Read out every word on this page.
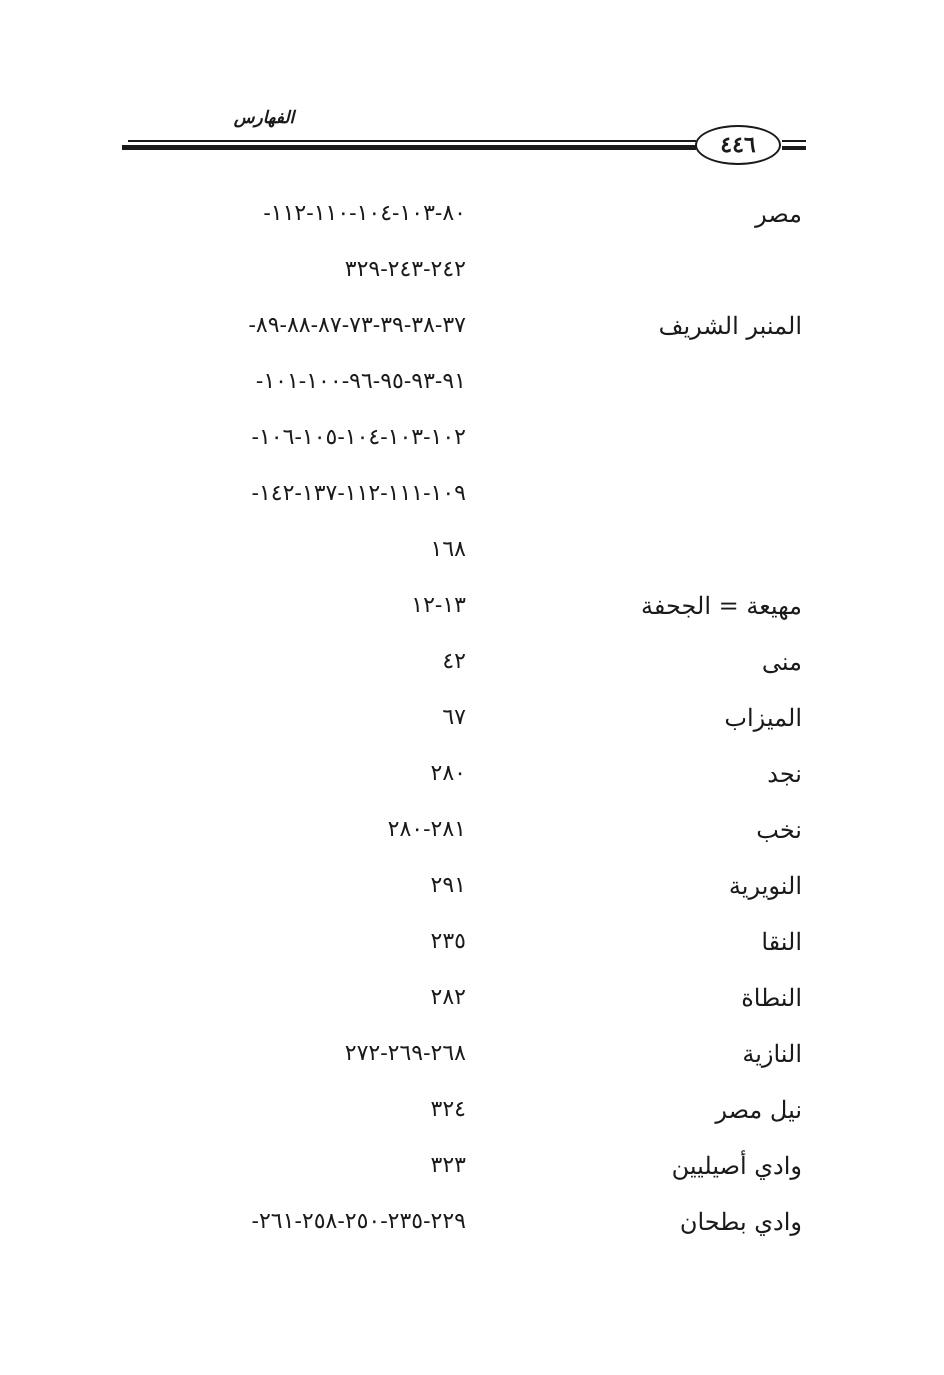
الفهارس
٤٤٦
مصر
-٨٠-١٠٣-١٠٤-١١٠-١١٢
٢٤٢-٢٤٣-٣٢٩
المنبر الشريف
-٣٧-٣٨-٣٩-٧٣-٨٧-٨٨-٨٩
-٩١-٩٣-٩٥-٩٦-١٠٠-١٠١
-١٠٢-١٠٣-١٠٤-١٠٥-١٠٦
-١٠٩-١١١-١١٢-١٣٧-١٤٢
١٦٨
مهيعة = الجحفة
١٣-١٢
منى
٤٢
الميزاب
٦٧
نجد
٢٨٠
نخب
٢٨١-٢٨٠
النويرية
٢٩١
النقا
٢٣٥
النطاة
٢٨٢
النازية
٢٦٨-٢٦٩-٢٧٢
نيل مصر
٣٢٤
وادي أصيليين
٣٢٣
وادي بطحان
-٢٢٩-٢٣٥-٢٥٠-٢٥٨-٢٦١
